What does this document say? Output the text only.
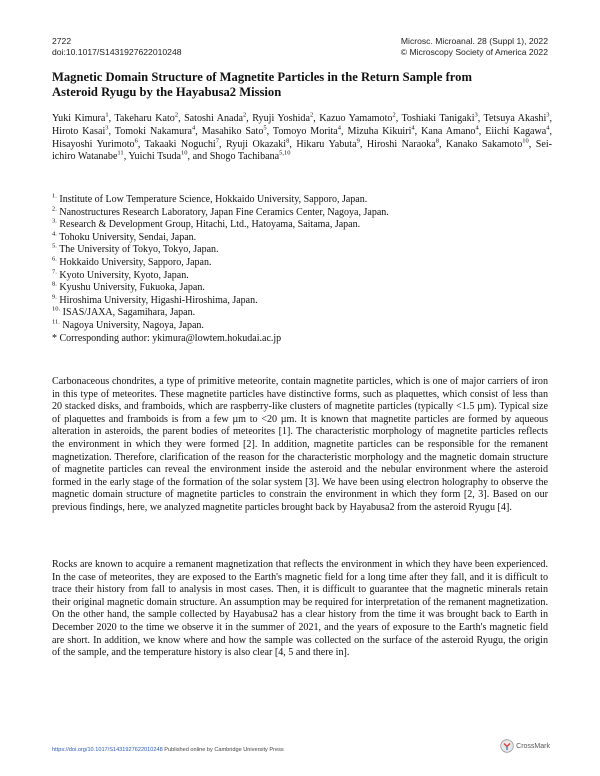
2722
doi:10.1017/S1431927622010248
Microsc. Microanal. 28 (Suppl 1), 2022
© Microscopy Society of America 2022
Magnetic Domain Structure of Magnetite Particles in the Return Sample from
Asteroid Ryugu by the Hayabusa2 Mission

Yuki Kimura$^1$, Takeharu Kato$^2$, Satoshi Anada$^2$, Ryuji Yoshida$^2$, Kazuo Yamamoto$^2$, Toshiaki Tanigaki$^3$, Tetsuya Akashi$^3$, Hiroto Kasai$^3$, Tomoki Nakamura$^4$, Masahiko Sato$^5$, Tomoyo Morita$^4$, Mizuha Kikuiri$^4$, Kana Amano$^4$, Eiichi Kagawa$^4$, Hisayoshi Yurimoto$^6$, Takaaki Noguchi$^7$, Ryuji Okazaki$^8$, Hikaru Yabuta$^9$, Hiroshi Naraoka$^8$, Kanako Sakamoto$^{10}$, Sei-ichiro Watanabe$^{11}$, Yuichi Tsuda$^{10}$, and Shogo Tachibana$^{5,10}$

$^{1.}$ Institute of Low Temperature Science, Hokkaido University, Sapporo, Japan.

$^{2.}$ Nanostructures Research Laboratory, Japan Fine Ceramics Center, Nagoya, Japan.

$^{3.}$ Research & Development Group, Hitachi, Ltd., Hatoyama, Saitama, Japan.

$^{4.}$ Tohoku University, Sendai, Japan.

$^{5.}$ The University of Tokyo, Tokyo, Japan.

$^{6.}$ Hokkaido University, Sapporo, Japan.

$^{7.}$ Kyoto University, Kyoto, Japan.

$^{8.}$ Kyushu University, Fukuoka, Japan.

$^{9.}$ Hiroshima University, Higashi-Hiroshima, Japan.

$^{10.}$ ISAS/JAXA, Sagamihara, Japan.

$^{11.}$ Nagoya University, Nagoya, Japan.

* Corresponding author: ykimura@lowtem.hokudai.ac.jp

Carbonaceous chondrites, a type of primitive meteorite, contain magnetite particles, which is one of major carriers of iron in this type of meteorites. These magnetite particles have distinctive forms, such as plaquettes, which consist of less than 20 stacked disks, and framboids, which are raspberry-like clusters of magnetite particles (typically <1.5 µm). Typical size of plaquettes and framboids is from a few µm to <20 µm. It is known that magnetite particles are formed by aqueous alteration in asteroids, the parent bodies of meteorites [1]. The characteristic morphology of magnetite particles reflects the environment in which they were formed [2]. In addition, magnetite particles can be responsible for the remanent magnetization. Therefore, clarification of the reason for the characteristic morphology and the magnetic domain structure of magnetite particles can reveal the environment inside the asteroid and the nebular environment where the asteroid formed in the early stage of the formation of the solar system [3]. We have been using electron holography to observe the magnetic domain structure of magnetite particles to constrain the environment in which they form [2, 3]. Based on our previous findings, here, we analyzed magnetite particles brought back by Hayabusa2 from the asteroid Ryugu [4].

Rocks are known to acquire a remanent magnetization that reflects the environment in which they have been experienced. In the case of meteorites, they are exposed to the Earth's magnetic field for a long time after they fall, and it is difficult to trace their history from fall to analysis in most cases. Then, it is difficult to guarantee that the magnetic minerals retain their original magnetic domain structure. An assumption may be required for interpretation of the remanent magnetization. On the other hand, the sample collected by Hayabusa2 has a clear history from the time it was brought back to Earth in December 2020 to the time we observe it in the summer of 2021, and the years of exposure to the Earth's magnetic field are short. In addition, we know where and how the sample was collected on the surface of the asteroid Ryugu, the origin of the sample, and the temperature history is also clear [4, 5 and there in].

https://doi.org/10.1017/S1431927622010248 Published online by Cambridge University Press
CrossMark
